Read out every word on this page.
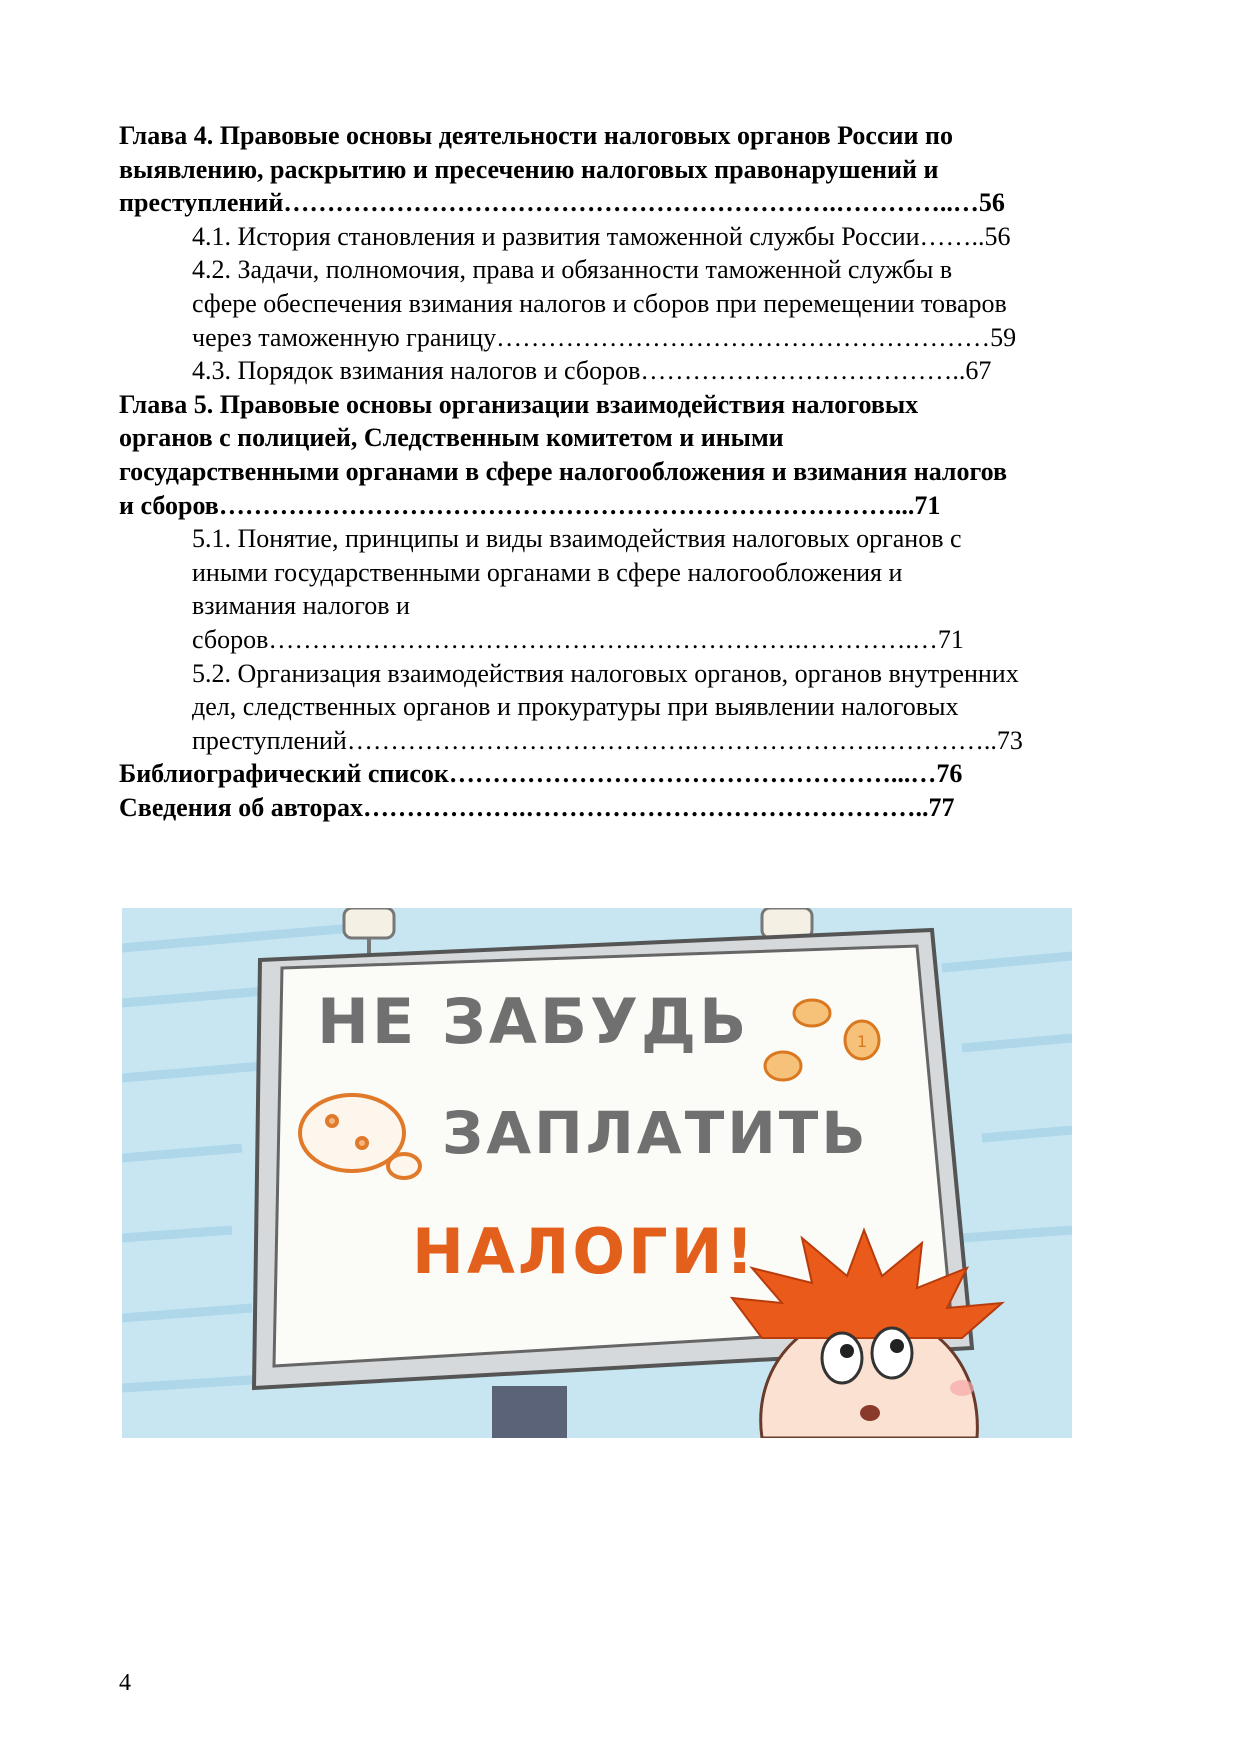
Глава 4. Правовые основы деятельности налоговых органов России по
выявлению, раскрытию и пресечению налоговых правонарушений и
преступлений……………………………………………………….…………..…56
4.1. История становления и развития таможенной службы России……..56
4.2. Задачи, полномочия, права и обязанности таможенной службы в
сфере обеспечения взимания налогов и сборов при перемещении товаров
через таможенную границу…………………………………………………59
4.3. Порядок взимания налогов и сборов………………………………..67
Глава 5. Правовые основы организации взаимодействия налоговых
органов с полицией, Следственным комитетом и иными
государственными органами в сфере налогообложения и взимания налогов
и сборов……………………………………………………………………...71
5.1. Понятие, принципы и виды взаимодействия налоговых органов с
иными государственными органами в сфере налогообложения и
взимания налогов и
сборов…………………………………….……………….………….…71
5.2. Организация взаимодействия налоговых органов, органов внутренних
дел, следственных органов и прокуратуры при выявлении налоговых
преступлений………………………………….………………….…………..73
Библиографический список……………………………………………...…76
Сведения об авторах……………….………………………………………..77
1
НЕ ЗАБУДЬ
ЗАПЛАТИТЬ
НАЛОГИ!
4
